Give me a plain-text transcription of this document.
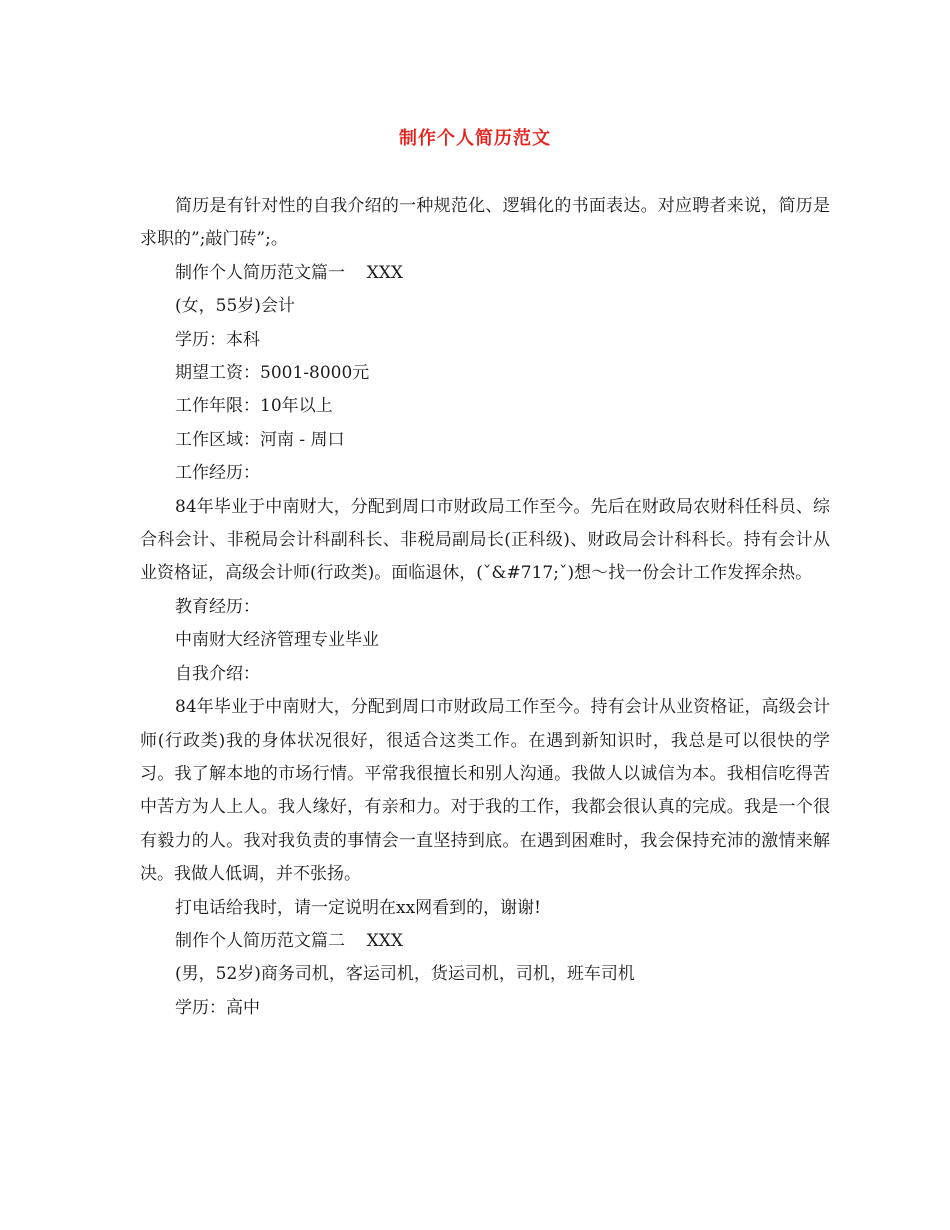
制作个人简历范文

简历是有针对性的自我介绍的一种规范化、逻辑化的书面表达。对应聘者来说，简历是求职的”;敲门砖”;。

制作个人简历范文篇一    XXX

(女，55岁)会计

学历：本科

期望工资：5001-8000元

工作年限：10年以上

工作区域：河南 - 周口

工作经历：

84年毕业于中南财大，分配到周口市财政局工作至今。先后在财政局农财科任科员、综合科会计、非税局会计科副科长、非税局副局长(正科级)、财政局会计科科长。持有会计从业资格证，高级会计师(行政类)。面临退休，(ˇ&#717;ˇ)想～找一份会计工作发挥余热。

教育经历：

中南财大经济管理专业毕业

自我介绍：

84年毕业于中南财大，分配到周口市财政局工作至今。持有会计从业资格证，高级会计师(行政类)我的身体状况很好，很适合这类工作。在遇到新知识时，我总是可以很快的学习。我了解本地的市场行情。平常我很擅长和别人沟通。我做人以诚信为本。我相信吃得苦中苦方为人上人。我人缘好，有亲和力。对于我的工作，我都会很认真的完成。我是一个很有毅力的人。我对我负责的事情会一直坚持到底。在遇到困难时，我会保持充沛的激情来解决。我做人低调，并不张扬。

打电话给我时，请一定说明在xx网看到的，谢谢!

制作个人简历范文篇二    XXX

(男，52岁)商务司机，客运司机，货运司机，司机，班车司机

学历：高中
